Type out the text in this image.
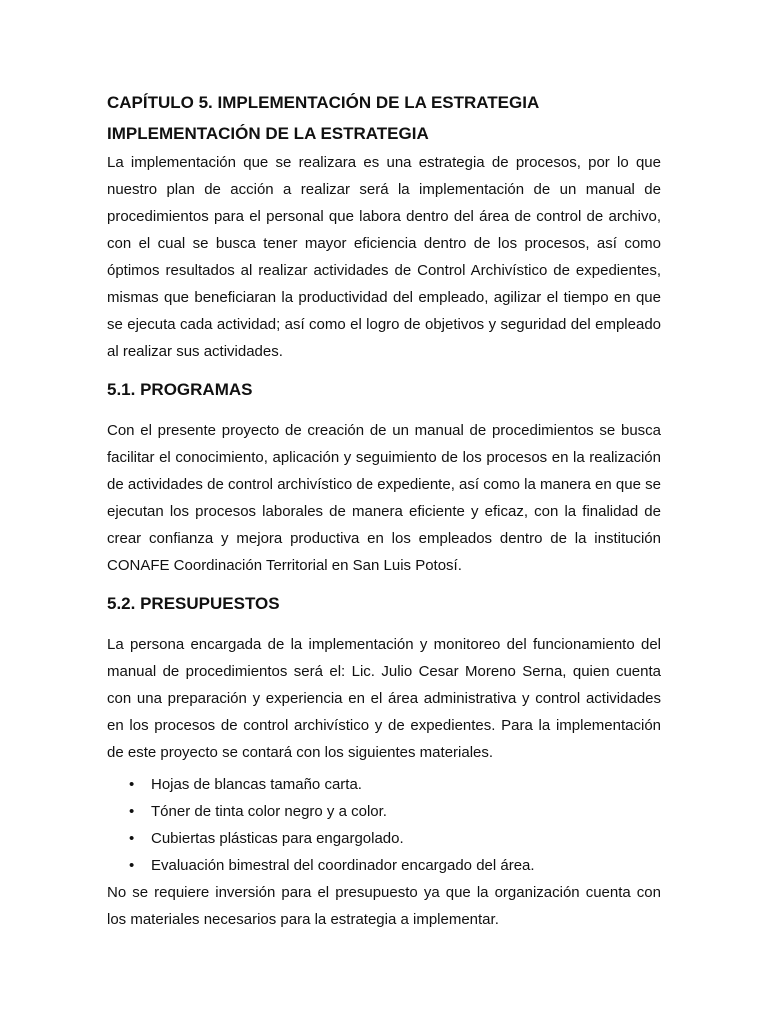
CAPÍTULO 5. IMPLEMENTACIÓN DE LA ESTRATEGIA
IMPLEMENTACIÓN DE LA ESTRATEGIA

La implementación que se realizara es una estrategia de procesos, por lo que nuestro plan de acción a realizar será la implementación de un manual de procedimientos para el personal que labora dentro del área de control de archivo, con el cual se busca tener mayor eficiencia dentro de los procesos, así como óptimos resultados al realizar actividades de Control Archivístico de expedientes, mismas que beneficiaran la productividad del empleado, agilizar el tiempo en que se ejecuta cada actividad; así como el logro de objetivos y seguridad del empleado al realizar sus actividades.

5.1. PROGRAMAS

Con el presente proyecto de creación de un manual de procedimientos se busca facilitar el conocimiento, aplicación y seguimiento de los procesos en la realización de actividades de control archivístico de expediente, así como la manera en que se ejecutan los procesos laborales de manera eficiente y eficaz, con la finalidad de crear confianza y mejora productiva en los empleados dentro de la institución CONAFE Coordinación Territorial en San Luis Potosí.

5.2. PRESUPUESTOS

La persona encargada de la implementación y monitoreo del funcionamiento del manual de procedimientos será el: Lic. Julio Cesar Moreno Serna, quien cuenta con una preparación y experiencia en el área administrativa y control actividades en los procesos de control archivístico y de expedientes. Para la implementación de este proyecto se contará con los siguientes materiales.

• Hojas de blancas tamaño carta.
• Tóner de tinta color negro y a color.
• Cubiertas plásticas para engargolado.
• Evaluación bimestral del coordinador encargado del área.

No se requiere inversión para el presupuesto ya que la organización cuenta con los materiales necesarios para la estrategia a implementar.
